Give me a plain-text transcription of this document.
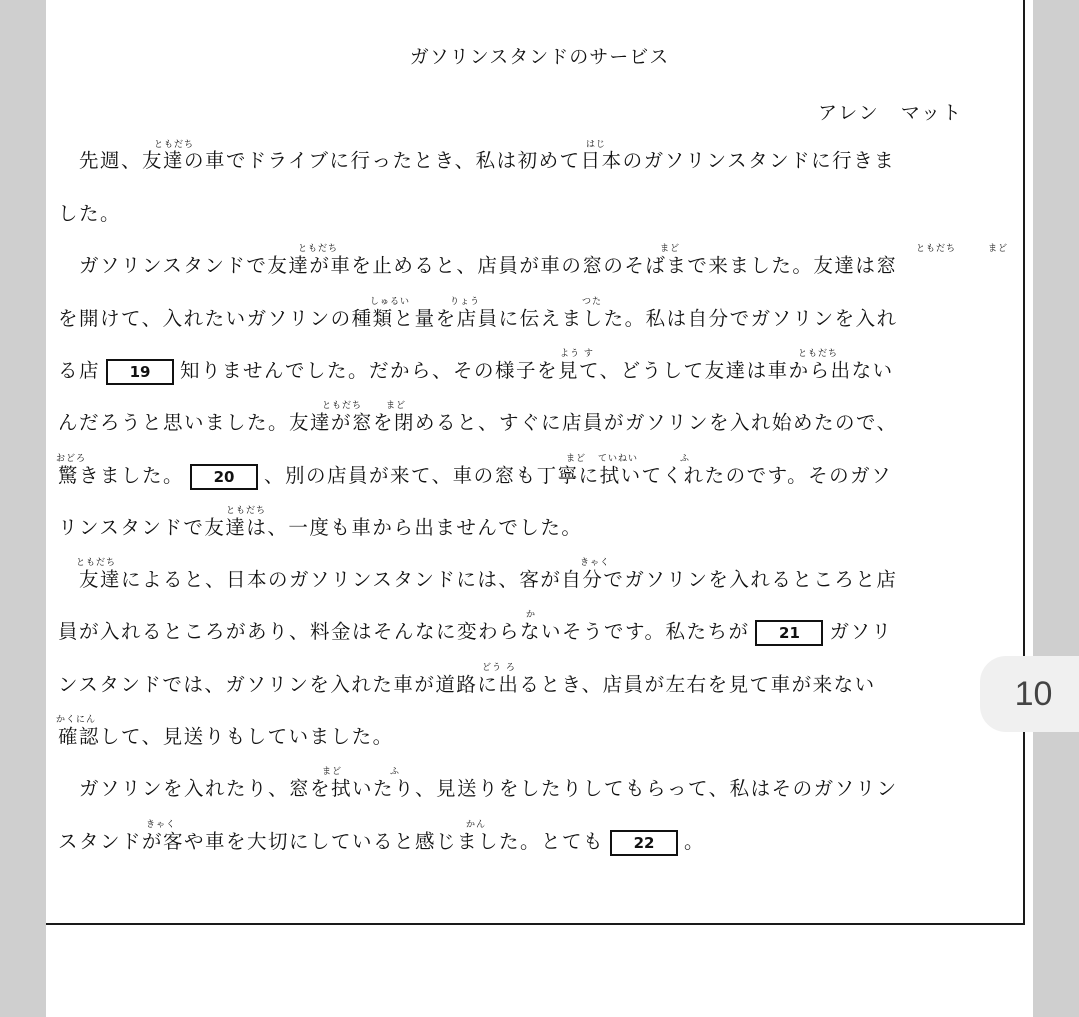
ガソリンスタンドのサービス
アレン　マット
ともだち	はじ
ともだち	まど	ともだち	まど
しゅるい	りょう	つた
よう す	ともだち
ともだち	まど
おどろ	まど ていねい	ふ
ともだち
ともだち	きゃく
か
どう ろ
かくにん
まど	ふ
きゃく	かん
　先週、友達の車でドライブに行ったとき、私は初めて日本のガソリンスタンドに行きま
した。
　ガソリンスタンドで友達が車を止めると、店員が車の窓のそばまで来ました。友達は窓
を開けて、入れたいガソリンの種類と量を店員に伝えました。私は自分でガソリンを入れ
る店 19 知りませんでした。だから、その様子を見て、どうして友達は車から出ない
んだろうと思いました。友達が窓を閉めると、すぐに店員がガソリンを入れ始めたので、
驚きました。 20 、別の店員が来て、車の窓も丁寧に拭いてくれたのです。そのガソ
リンスタンドで友達は、一度も車から出ませんでした。
　友達によると、日本のガソリンスタンドには、客が自分でガソリンを入れるところと店
員が入れるところがあり、料金はそんなに変わらないそうです。私たちが 21 ガソリ
ンスタンドでは、ガソリンを入れた車が道路に出るとき、店員が左右を見て車が来ない
確認して、見送りもしていました。
　ガソリンを入れたり、窓を拭いたり、見送りをしたりしてもらって、私はそのガソリン
スタンドが客や車を大切にしていると感じました。とても 22 。
10
